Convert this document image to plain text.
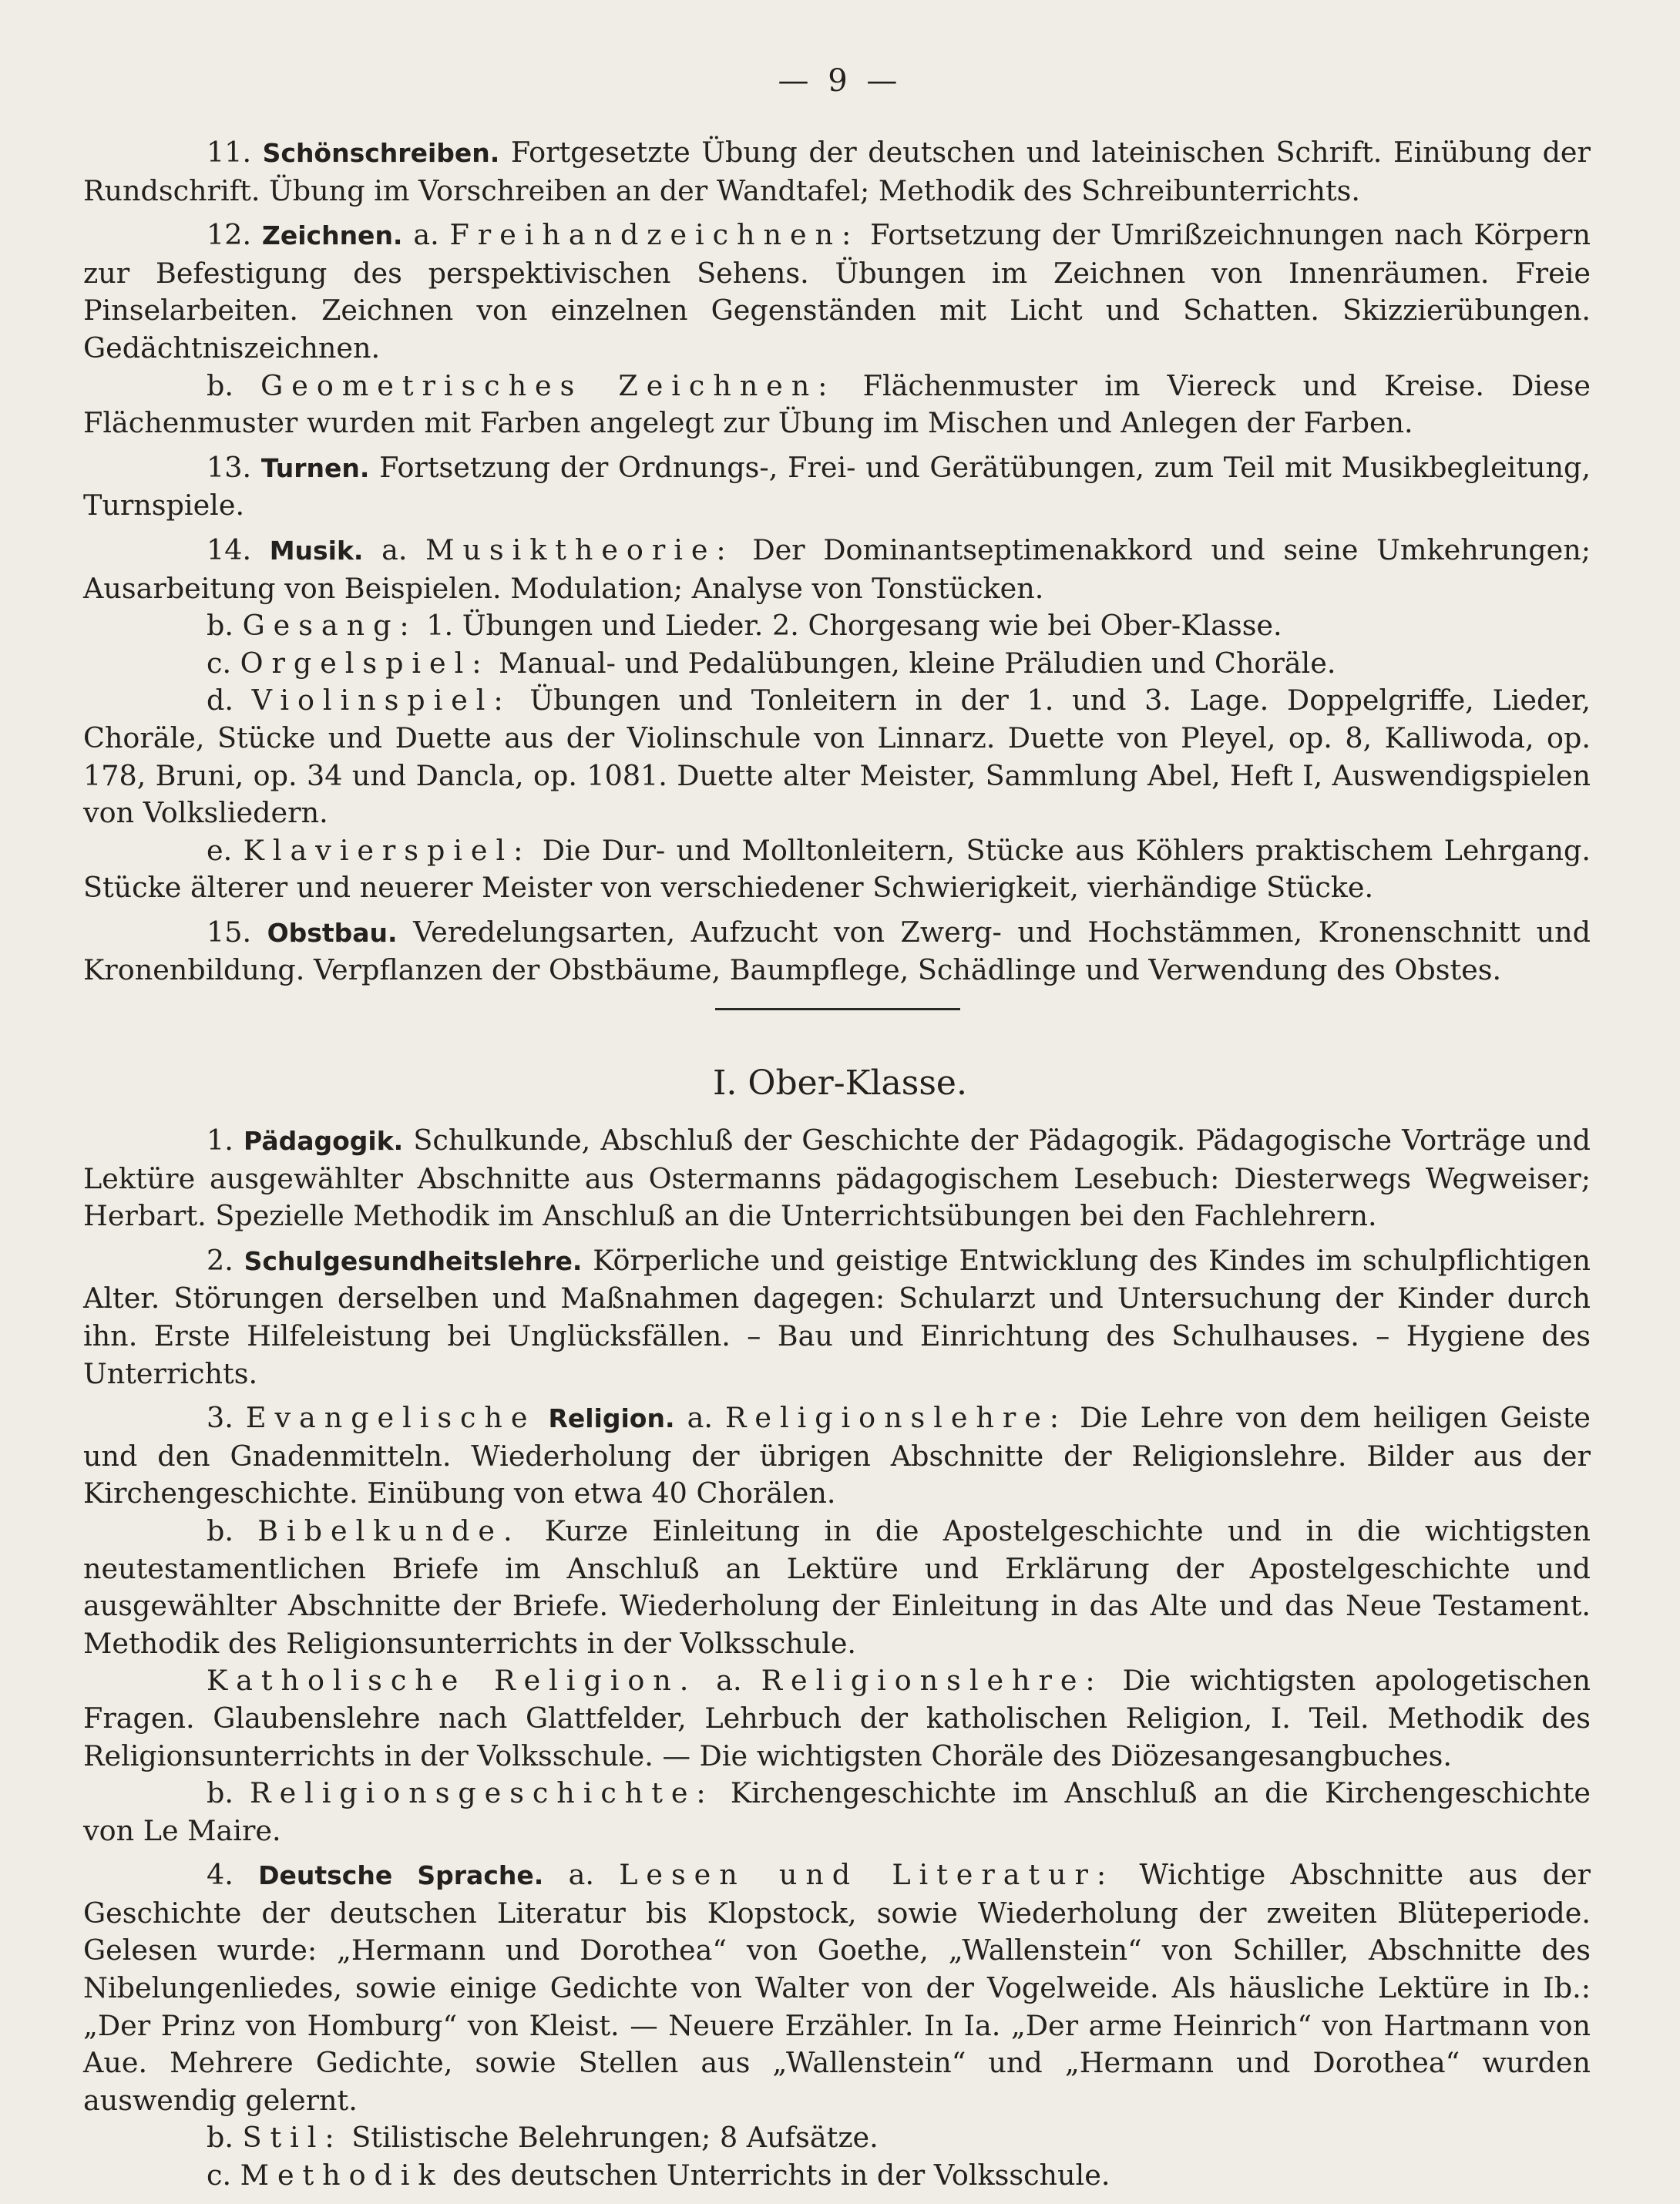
— 9 —

11. Schönschreiben. Fortgesetzte Übung der deutschen und lateinischen Schrift. Einübung der Rundschrift. Übung im Vorschreiben an der Wandtafel; Methodik des Schreibunterrichts.

12. Zeichnen. a. Freihandzeichnen: Fortsetzung der Umrißzeichnungen nach Körpern zur Befestigung des perspektivischen Sehens. Übungen im Zeichnen von Innenräumen. Freie Pinselarbeiten. Zeichnen von einzelnen Gegenständen mit Licht und Schatten. Skizzierübungen. Gedächtniszeichnen.

b. Geometrisches Zeichnen: Flächenmuster im Viereck und Kreise. Diese Flächenmuster wurden mit Farben angelegt zur Übung im Mischen und Anlegen der Farben.

13. Turnen. Fortsetzung der Ordnungs-, Frei- und Gerätübungen, zum Teil mit Musikbegleitung, Turnspiele.

14. Musik. a. Musiktheorie: Der Dominantseptimenakkord und seine Umkehrungen; Ausarbeitung von Beispielen. Modulation; Analyse von Tonstücken.

b. Gesang: 1. Übungen und Lieder. 2. Chorgesang wie bei Ober-Klasse.

c. Orgelspiel: Manual- und Pedalübungen, kleine Präludien und Choräle.

d. Violinspiel: Übungen und Tonleitern in der 1. und 3. Lage. Doppelgriffe, Lieder, Choräle, Stücke und Duette aus der Violinschule von Linnarz. Duette von Pleyel, op. 8, Kalliwoda, op. 178, Bruni, op. 34 und Dancla, op. 1081. Duette alter Meister, Sammlung Abel, Heft I, Auswendigspielen von Volksliedern.

e. Klavierspiel: Die Dur- und Molltonleitern, Stücke aus Köhlers praktischem Lehrgang. Stücke älterer und neuerer Meister von verschiedener Schwierigkeit, vierhändige Stücke.

15. Obstbau. Veredelungsarten, Aufzucht von Zwerg- und Hochstämmen, Kronenschnitt und Kronenbildung. Verpflanzen der Obstbäume, Baumpflege, Schädlinge und Verwendung des Obstes.

I. Ober-Klasse.

1. Pädagogik. Schulkunde, Abschluß der Geschichte der Pädagogik. Pädagogische Vorträge und Lektüre ausgewählter Abschnitte aus Ostermanns pädagogischem Lesebuch: Diesterwegs Wegweiser; Herbart. Spezielle Methodik im Anschluß an die Unterrichtsübungen bei den Fachlehrern.

2. Schulgesundheitslehre. Körperliche und geistige Entwicklung des Kindes im schulpflichtigen Alter. Störungen derselben und Maßnahmen dagegen: Schularzt und Untersuchung der Kinder durch ihn. Erste Hilfeleistung bei Unglücksfällen. – Bau und Einrichtung des Schulhauses. – Hygiene des Unterrichts.

3. Evangelische Religion. a. Religionslehre: Die Lehre von dem heiligen Geiste und den Gnadenmitteln. Wiederholung der übrigen Abschnitte der Religionslehre. Bilder aus der Kirchengeschichte. Einübung von etwa 40 Chorälen.

b. Bibelkunde. Kurze Einleitung in die Apostelgeschichte und in die wichtigsten neutestamentlichen Briefe im Anschluß an Lektüre und Erklärung der Apostelgeschichte und ausgewählter Abschnitte der Briefe. Wiederholung der Einleitung in das Alte und das Neue Testament. Methodik des Religionsunterrichts in der Volksschule.

Katholische Religion. a. Religionslehre: Die wichtigsten apologetischen Fragen. Glaubenslehre nach Glattfelder, Lehrbuch der katholischen Religion, I. Teil. Methodik des Religionsunterrichts in der Volksschule. — Die wichtigsten Choräle des Diözesangesangbuches.

b. Religionsgeschichte: Kirchengeschichte im Anschluß an die Kirchengeschichte von Le Maire.

4. Deutsche Sprache. a. Lesen und Literatur: Wichtige Abschnitte aus der Geschichte der deutschen Literatur bis Klopstock, sowie Wiederholung der zweiten Blüteperiode. Gelesen wurde: „Hermann und Dorothea“ von Goethe, „Wallenstein“ von Schiller, Abschnitte des Nibelungenliedes, sowie einige Gedichte von Walter von der Vogelweide. Als häusliche Lektüre in Ib.: „Der Prinz von Homburg“ von Kleist. — Neuere Erzähler. In Ia. „Der arme Heinrich“ von Hartmann von Aue. Mehrere Gedichte, sowie Stellen aus „Wallenstein“ und „Hermann und Dorothea“ wurden auswendig gelernt.

b. Stil: Stilistische Belehrungen; 8 Aufsätze.

c. Methodik des deutschen Unterrichts in der Volksschule.
